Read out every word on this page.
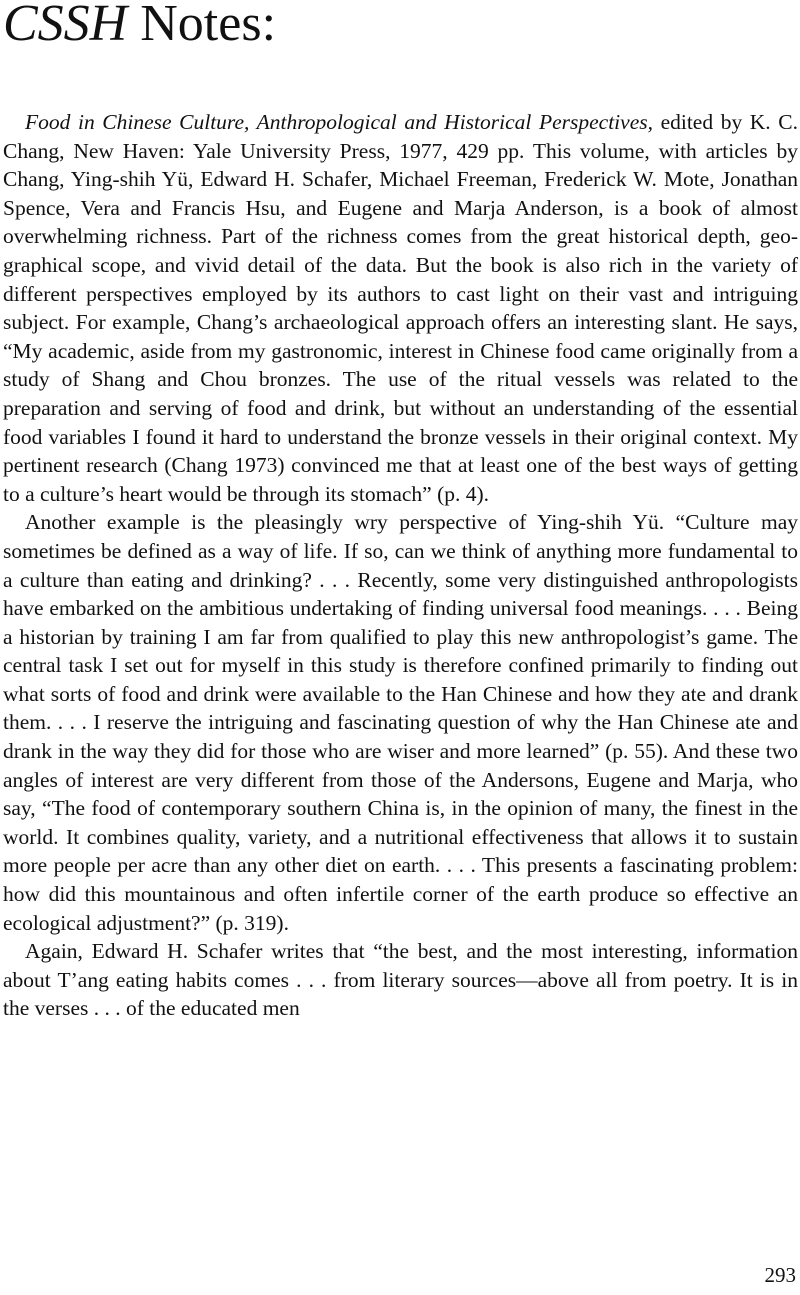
CSSH Notes:

Food in Chinese Culture, Anthropological and Historical Perspectives, edited by K. C. Chang, New Haven: Yale University Press, 1977, 429 pp. This volume, with articles by Chang, Ying-shih Yü, Edward H. Schafer, Michael Freeman, Frederick W. Mote, Jonathan Spence, Vera and Francis Hsu, and Eugene and Marja Anderson, is a book of almost overwhelming richness. Part of the richness comes from the great historical depth, geographical scope, and vivid detail of the data. But the book is also rich in the variety of different perspectives employed by its authors to cast light on their vast and intriguing subject. For example, Chang’s archaeological approach offers an interesting slant. He says, “My academic, aside from my gastronomic, interest in Chinese food came originally from a study of Shang and Chou bronzes. The use of the ritual vessels was related to the preparation and serving of food and drink, but without an understanding of the essential food variables I found it hard to understand the bronze vessels in their original context. My pertinent research (Chang 1973) convinced me that at least one of the best ways of getting to a culture’s heart would be through its stomach” (p. 4).

Another example is the pleasingly wry perspective of Ying-shih Yü. “Culture may sometimes be defined as a way of life. If so, can we think of anything more fundamental to a culture than eating and drinking? . . . Recently, some very distinguished anthropologists have embarked on the ambitious undertaking of finding universal food meanings. . . . Being a historian by training I am far from qualified to play this new anthropologist’s game. The central task I set out for myself in this study is therefore confined primarily to finding out what sorts of food and drink were available to the Han Chinese and how they ate and drank them. . . . I reserve the intriguing and fascinating question of why the Han Chinese ate and drank in the way they did for those who are wiser and more learned” (p. 55). And these two angles of interest are very different from those of the Andersons, Eugene and Marja, who say, “The food of contemporary southern China is, in the opinion of many, the finest in the world. It combines quality, variety, and a nutritional effectiveness that allows it to sustain more people per acre than any other diet on earth. . . . This presents a fascinating problem: how did this mountainous and often infertile corner of the earth produce so effective an ecological adjustment?” (p. 319).

Again, Edward H. Schafer writes that “the best, and the most interesting, information about T’ang eating habits comes . . . from literary sources—above all from poetry. It is in the verses . . . of the educated men

293
